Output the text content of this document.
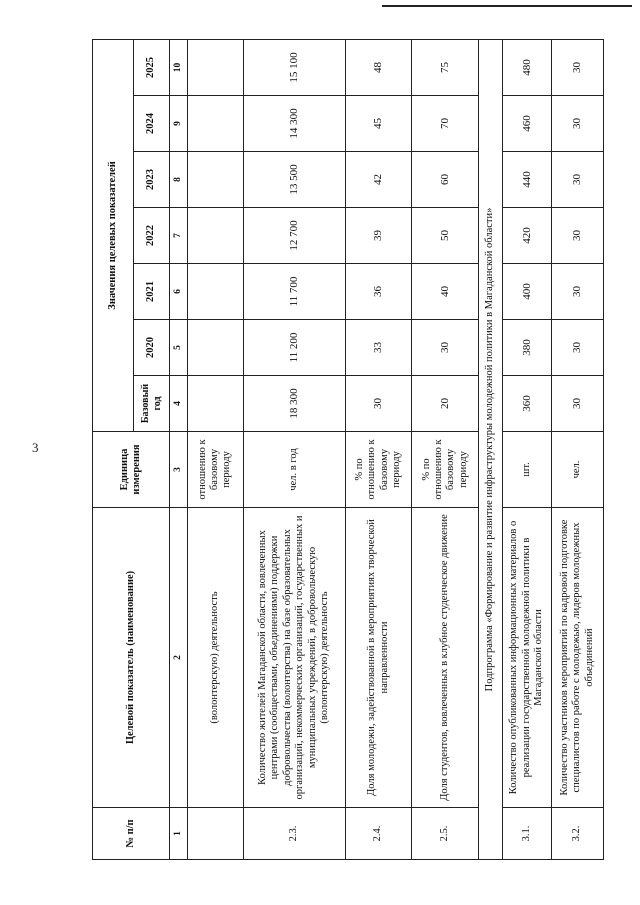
3
№ п/п	Целевой показатель (наименование)	Единица измерения	Значения целевых показателей						
			Базовый год	2020	2021	2022	2023	2024	2025
1	2	3	4	5	6	7	8	9	10
	(волонтерскую) деятельность	отношению к базовому периоду							
2.3.	Количество жителей Магаданской области, вовлеченных центрами (сообществами, объединениями) поддержки добровольчества (волонтерства) на базе образовательных организаций, некоммерческих организаций, государственных и муниципальных учреждений, в добровольческую (волонтерскую) деятельность	чел. в год	18 300	11 200	11 700	12 700	13 500	14 300	15 100
2.4.	Доля молодежи, задействованной в мероприятиях творческой направленности	% по отношению к базовому периоду	30	33	36	39	42	45	48
2.5.	Доля студентов, вовлеченных в клубное студенческое движение	% по отношению к базовому периоду	20	30	40	50	60	70	75
Подпрограмма «Формирование и развитие инфраструктуры молодежной политики в Магаданской области»									
3.1.	Количество опубликованных информационных материалов о реализации государственной молодежной политики в Магаданской области	шт.	360	380	400	420	440	460	480
3.2.	Количество участников мероприятий по кадровой подготовке специалистов по работе с молодежью, лидеров молодежных объединений	чел.	30	30	30	30	30	30	30
